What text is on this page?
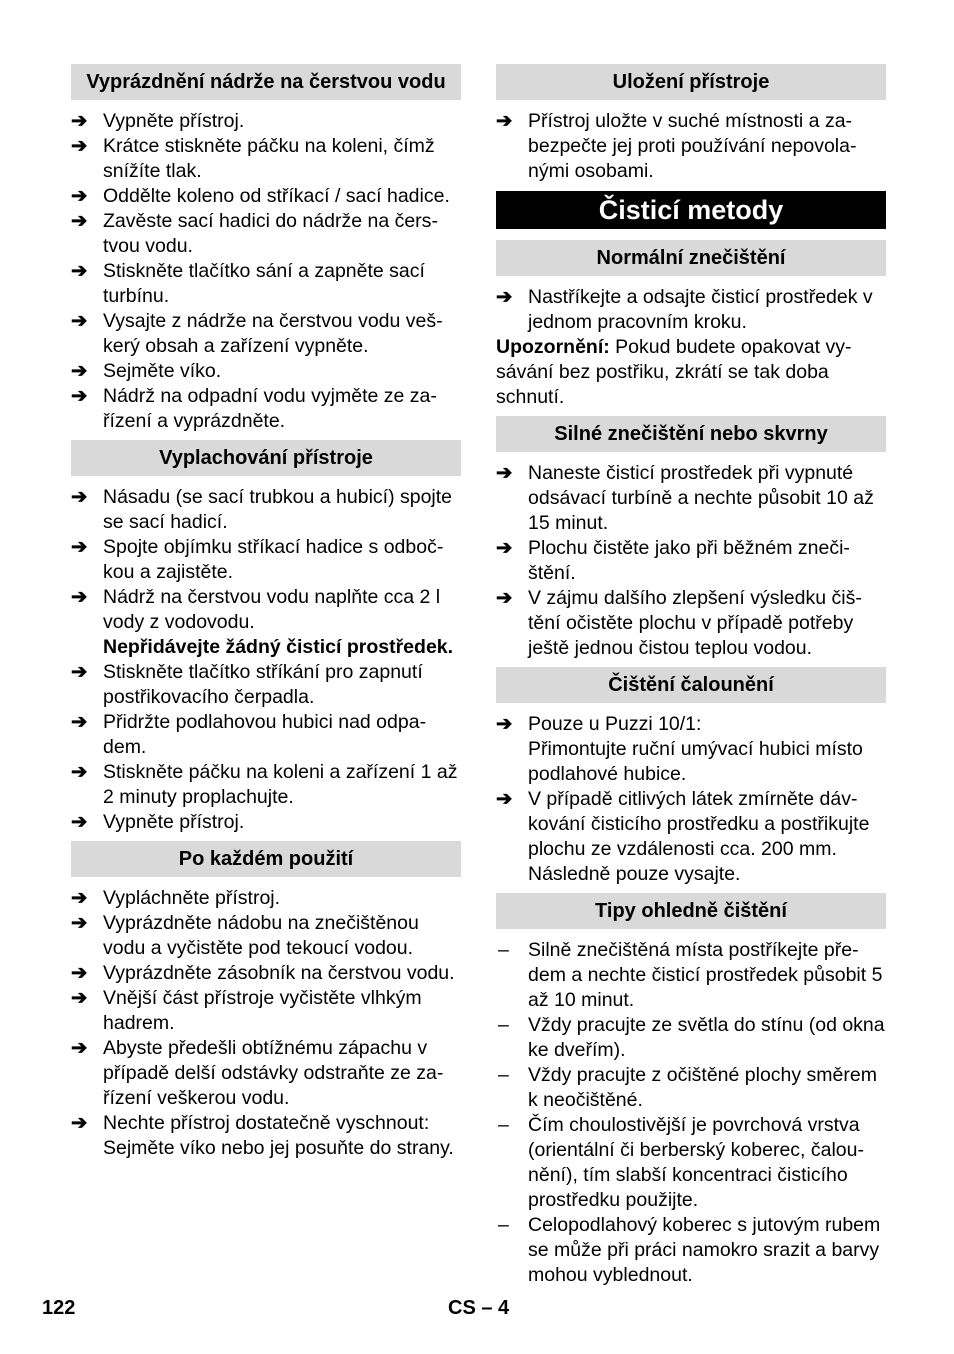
Vyprázdnění nádrže na čerstvou vodu
➔ Vypněte přístroj.
➔ Krátce stiskněte páčku na koleni, čímž snížíte tlak.
➔ Oddělte koleno od stříkací / sací hadice.
➔ Zavěste sací hadici do nádrže na čerstvou vodu.
➔ Stiskněte tlačítko sání a zapněte sací turbínu.
➔ Vysajte z nádrže na čerstvou vodu veškerý obsah a zařízení vypněte.
➔ Sejměte víko.
➔ Nádrž na odpadní vodu vyjměte ze zařízení a vyprázdněte.
Vyplachování přístroje
➔ Násadu (se sací trubkou a hubicí) spojte se sací hadicí.
➔ Spojte objímku stříkací hadice s odbočkou a zajistěte.
➔ Nádrž na čerstvou vodu naplňte cca 2 l vody z vodovodu.
Nepřidávejte žádný čisticí prostředek.
➔ Stiskněte tlačítko stříkání pro zapnutí postřikovacího čerpadla.
➔ Přidržte podlahovou hubici nad odpadem.
➔ Stiskněte páčku na koleni a zařízení 1 až 2 minuty proplachujte.
➔ Vypněte přístroj.
Po každém použití
➔ Vypláchněte přístroj.
➔ Vyprázdněte nádobu na znečištěnou vodu a vyčistěte pod tekoucí vodou.
➔ Vyprázdněte zásobník na čerstvou vodu.
➔ Vnější část přístroje vyčistěte vlhkým hadrem.
➔ Abyste předešli obtížnému zápachu v případě delší odstávky odstraňte ze zařízení veškerou vodu.
➔ Nechte přístroj dostatečně vyschnout: Sejměte víko nebo jej posuňte do strany.
Uložení přístroje
➔ Přístroj uložte v suché místnosti a zabezpečte jej proti používání nepovolanými osobami.
Čisticí metody
Normální znečištění
➔ Nastříkejte a odsajte čisticí prostředek v jednom pracovním kroku.
Upozornění: Pokud budete opakovat vysávání bez postřiku, zkrátí se tak doba schnutí.
Silné znečištění nebo skvrny
➔ Naneste čisticí prostředek při vypnuté odsávací turbíně a nechte působit 10 až 15 minut.
➔ Plochu čistěte jako při běžném znečištění.
➔ V zájmu dalšího zlepšení výsledku čištění očistěte plochu v případě potřeby ještě jednou čistou teplou vodou.
Čištění čalounění
➔ Pouze u Puzzi 10/1:
Přimontujte ruční umývací hubici místo podlahové hubice.
➔ V případě citlivých látek zmírněte dávkování čisticího prostředku a postřikujte plochu ze vzdálenosti cca. 200 mm. Následně pouze vysajte.
Tipy ohledně čištění
– Silně znečištěná místa postříkejte předem a nechte čisticí prostředek působit 5 až 10 minut.
– Vždy pracujte ze světla do stínu (od okna ke dveřím).
– Vždy pracujte z očištěné plochy směrem k neočištěné.
– Čím choulostivější je povrchová vrstva (orientální či berberský koberec, čalounění), tím slabší koncentraci čisticího prostředku použijte.
– Celopodlahový koberec s jutovým rubem se může při práci namokro srazit a barvy mohou vyblednout.
122	CS – 4
